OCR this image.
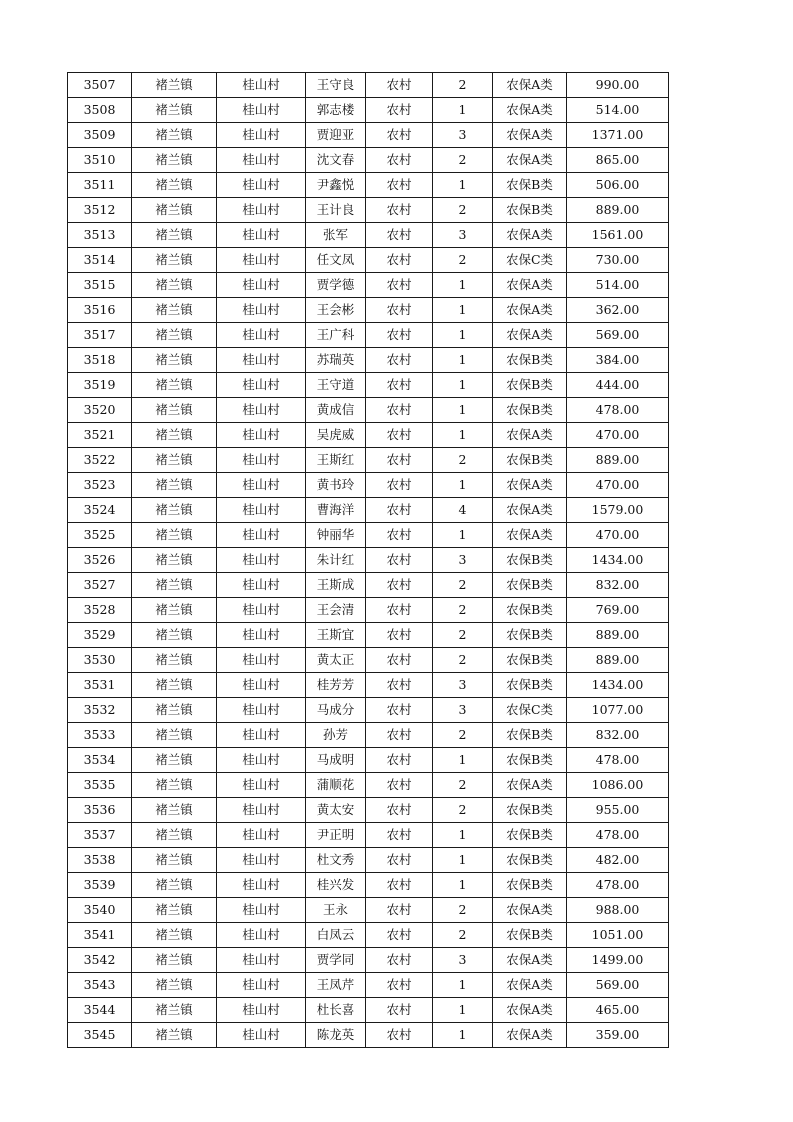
3507	褚兰镇	桂山村	王守良	农村	2	农保A类	990.00
3508	褚兰镇	桂山村	郭志楼	农村	1	农保A类	514.00
3509	褚兰镇	桂山村	贾迎亚	农村	3	农保A类	1371.00
3510	褚兰镇	桂山村	沈文春	农村	2	农保A类	865.00
3511	褚兰镇	桂山村	尹鑫悦	农村	1	农保B类	506.00
3512	褚兰镇	桂山村	王计良	农村	2	农保B类	889.00
3513	褚兰镇	桂山村	张军	农村	3	农保A类	1561.00
3514	褚兰镇	桂山村	任文凤	农村	2	农保C类	730.00
3515	褚兰镇	桂山村	贾学德	农村	1	农保A类	514.00
3516	褚兰镇	桂山村	王会彬	农村	1	农保A类	362.00
3517	褚兰镇	桂山村	王广科	农村	1	农保A类	569.00
3518	褚兰镇	桂山村	苏瑞英	农村	1	农保B类	384.00
3519	褚兰镇	桂山村	王守道	农村	1	农保B类	444.00
3520	褚兰镇	桂山村	黄成信	农村	1	农保B类	478.00
3521	褚兰镇	桂山村	吴虎威	农村	1	农保A类	470.00
3522	褚兰镇	桂山村	王斯红	农村	2	农保B类	889.00
3523	褚兰镇	桂山村	黄书玲	农村	1	农保A类	470.00
3524	褚兰镇	桂山村	曹海洋	农村	4	农保A类	1579.00
3525	褚兰镇	桂山村	钟丽华	农村	1	农保A类	470.00
3526	褚兰镇	桂山村	朱计红	农村	3	农保B类	1434.00
3527	褚兰镇	桂山村	王斯成	农村	2	农保B类	832.00
3528	褚兰镇	桂山村	王会清	农村	2	农保B类	769.00
3529	褚兰镇	桂山村	王斯宜	农村	2	农保B类	889.00
3530	褚兰镇	桂山村	黄太正	农村	2	农保B类	889.00
3531	褚兰镇	桂山村	桂芳芳	农村	3	农保B类	1434.00
3532	褚兰镇	桂山村	马成分	农村	3	农保C类	1077.00
3533	褚兰镇	桂山村	孙芳	农村	2	农保B类	832.00
3534	褚兰镇	桂山村	马成明	农村	1	农保B类	478.00
3535	褚兰镇	桂山村	蒲顺花	农村	2	农保A类	1086.00
3536	褚兰镇	桂山村	黄太安	农村	2	农保B类	955.00
3537	褚兰镇	桂山村	尹正明	农村	1	农保B类	478.00
3538	褚兰镇	桂山村	杜文秀	农村	1	农保B类	482.00
3539	褚兰镇	桂山村	桂兴发	农村	1	农保B类	478.00
3540	褚兰镇	桂山村	王永	农村	2	农保A类	988.00
3541	褚兰镇	桂山村	白凤云	农村	2	农保B类	1051.00
3542	褚兰镇	桂山村	贾学同	农村	3	农保A类	1499.00
3543	褚兰镇	桂山村	王凤芹	农村	1	农保A类	569.00
3544	褚兰镇	桂山村	杜长喜	农村	1	农保A类	465.00
3545	褚兰镇	桂山村	陈龙英	农村	1	农保A类	359.00
